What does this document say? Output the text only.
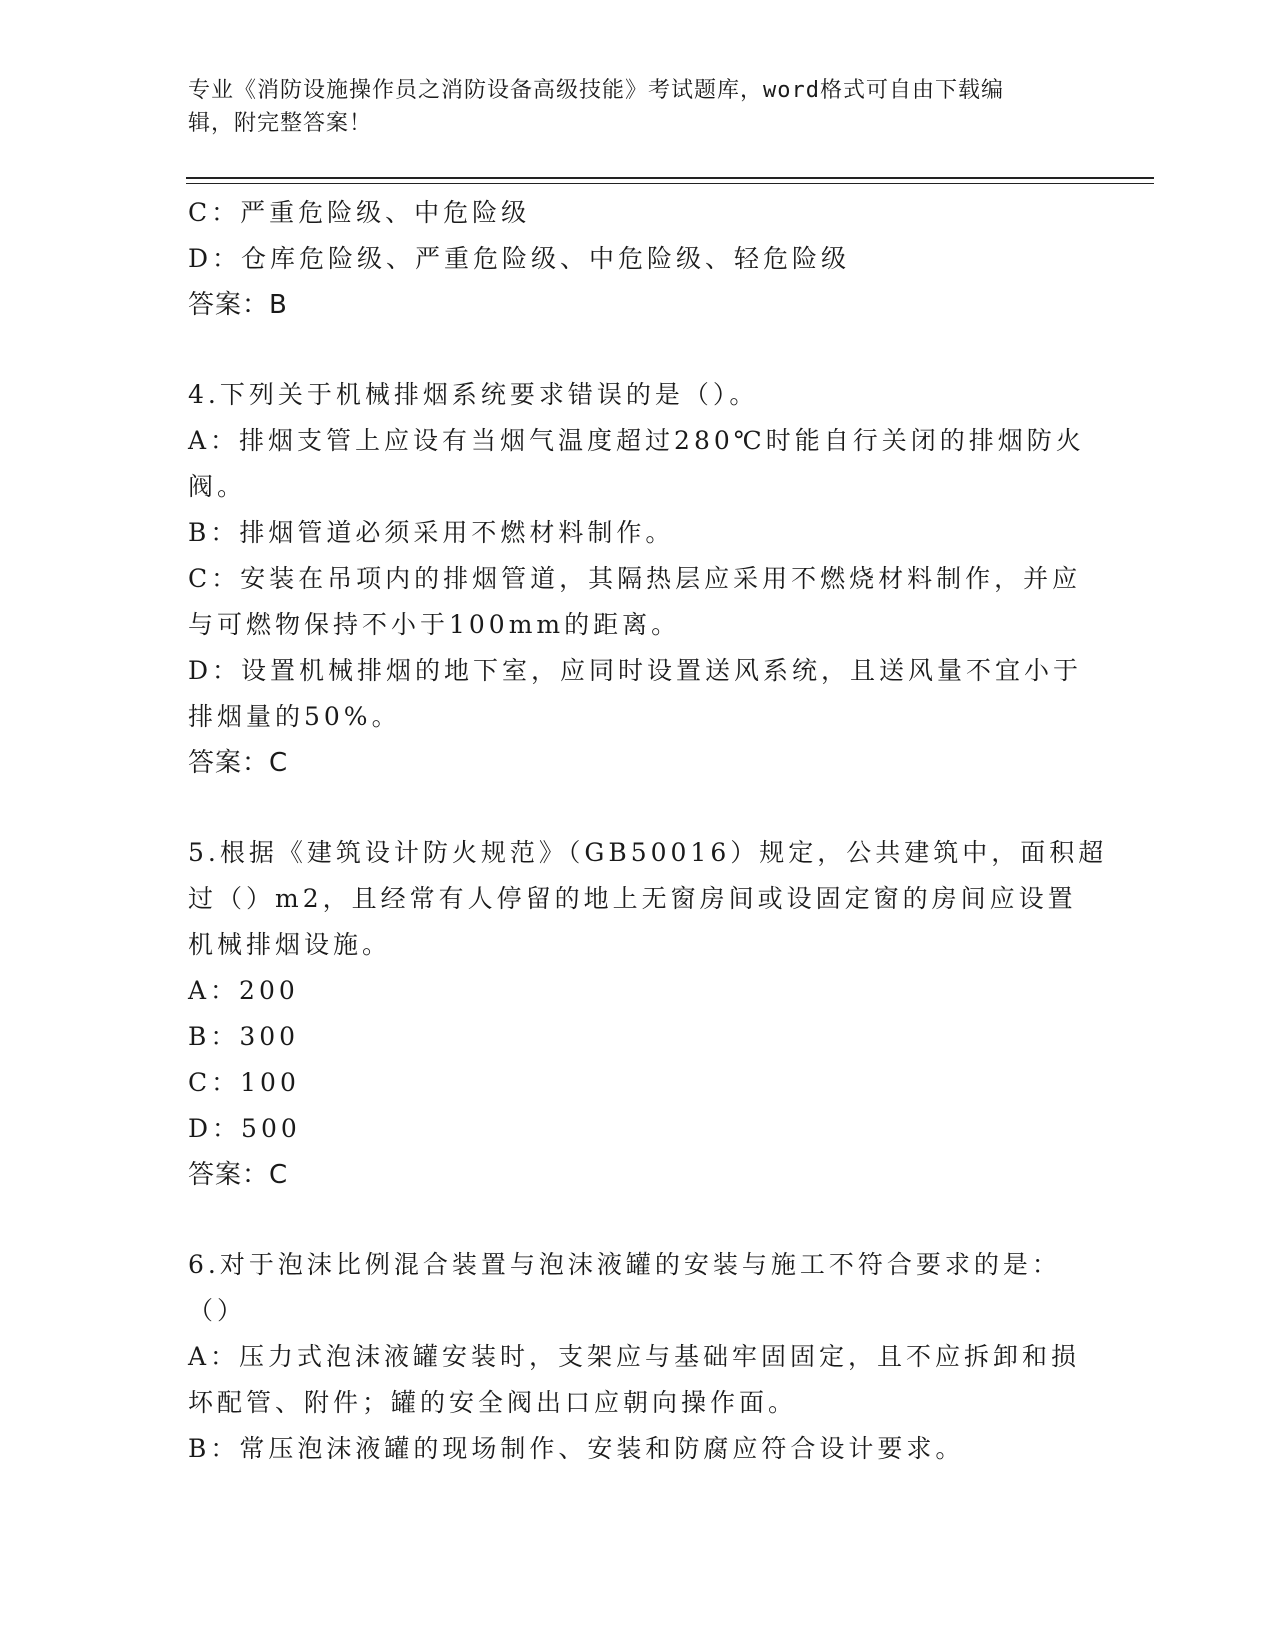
专业《消防设施操作员之消防设备高级技能》考试题库，word格式可自由下载编
辑，附完整答案！
C：严重危险级、中危险级
D：仓库危险级、严重危险级、中危险级、轻危险级
答案：B
4.下列关于机械排烟系统要求错误的是（）。
A：排烟支管上应设有当烟气温度超过280℃时能自行关闭的排烟防火
阀。
B：排烟管道必须采用不燃材料制作。
C：安装在吊项内的排烟管道，其隔热层应采用不燃烧材料制作，并应
与可燃物保持不小于100mm的距离。
D：设置机械排烟的地下室，应同时设置送风系统，且送风量不宜小于
排烟量的50%。
答案：C
5.根据《建筑设计防火规范》（GB50016）规定，公共建筑中，面积超
过（）m2，且经常有人停留的地上无窗房间或设固定窗的房间应设置
机械排烟设施。
A：200
B：300
C：100
D：500
答案：C
6.对于泡沫比例混合装置与泡沫液罐的安装与施工不符合要求的是：
（）
A：压力式泡沫液罐安装时，支架应与基础牢固固定，且不应拆卸和损
坏配管、附件；罐的安全阀出口应朝向操作面。
B：常压泡沫液罐的现场制作、安装和防腐应符合设计要求。
